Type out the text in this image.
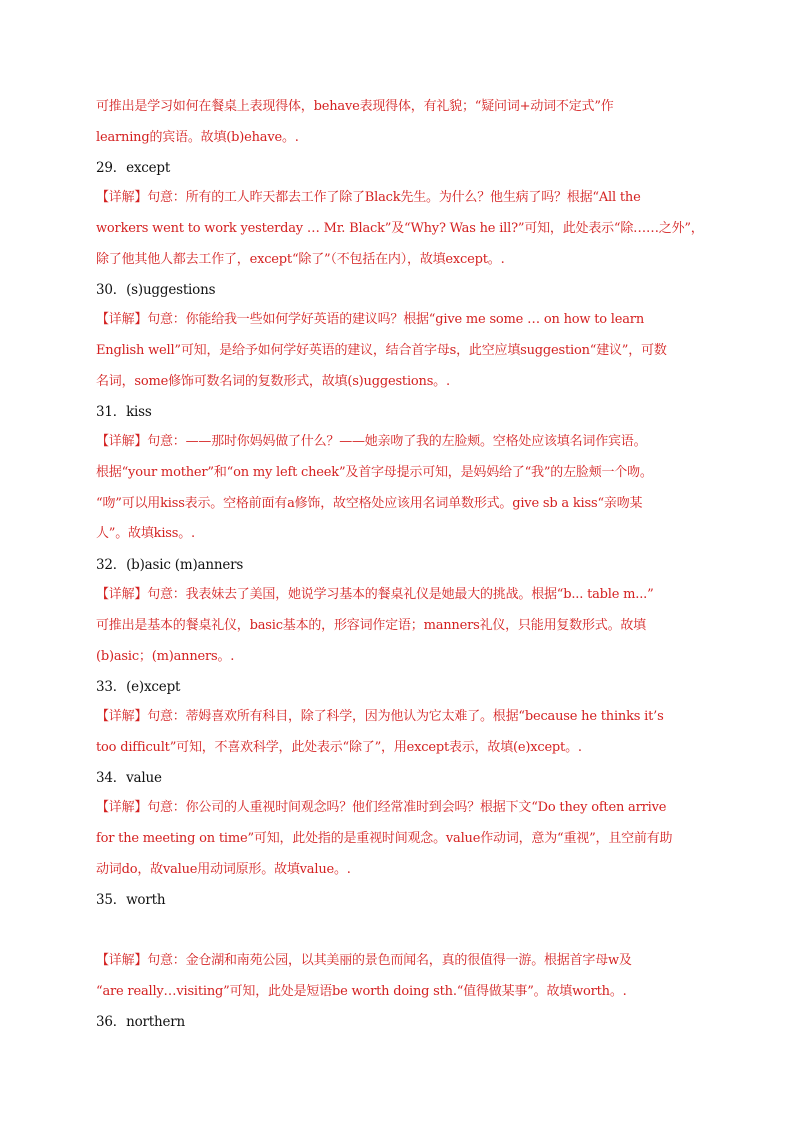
可推出是学习如何在餐桌上表现得体，behave表现得体，有礼貌；“疑问词+动词不定式”作
learning的宾语。故填(b)ehave。.
29．except
【详解】句意：所有的工人昨天都去工作了除了Black先生。为什么？他生病了吗？根据“All the
workers went to work yesterday … Mr. Black”及“Why? Was he ill?”可知，此处表示“除……之外”，
除了他其他人都去工作了，except“除了”（不包括在内），故填except。.
30．(s)uggestions
【详解】句意：你能给我一些如何学好英语的建议吗？根据“give me some … on how to learn
English well”可知，是给予如何学好英语的建议，结合首字母s，此空应填suggestion“建议”，可数
名词，some修饰可数名词的复数形式，故填(s)uggestions。.
31．kiss
【详解】句意：——那时你妈妈做了什么？——她亲吻了我的左脸颊。空格处应该填名词作宾语。
根据“your mother”和“on my left cheek”及首字母提示可知，是妈妈给了“我”的左脸颊一个吻。
“吻”可以用kiss表示。空格前面有a修饰，故空格处应该用名词单数形式。give sb a kiss“亲吻某
人”。故填kiss。.
32．(b)asic (m)anners
【详解】句意：我表妹去了美国，她说学习基本的餐桌礼仪是她最大的挑战。根据“b... table m...”
可推出是基本的餐桌礼仪，basic基本的，形容词作定语；manners礼仪，只能用复数形式。故填
(b)asic；(m)anners。.
33．(e)xcept
【详解】句意：蒂姆喜欢所有科目，除了科学，因为他认为它太难了。根据“because he thinks it’s
too difficult”可知，不喜欢科学，此处表示“除了”，用except表示，故填(e)xcept。.
34．value
【详解】句意：你公司的人重视时间观念吗？他们经常准时到会吗？根据下文“Do they often arrive
for the meeting on time”可知，此处指的是重视时间观念。value作动词，意为“重视”，且空前有助
动词do，故value用动词原形。故填value。.
35．worth
【详解】句意：金仓湖和南苑公园，以其美丽的景色而闻名，真的很值得一游。根据首字母w及
“are really…visiting”可知，此处是短语be worth doing sth.“值得做某事”。故填worth。.
36．northern
